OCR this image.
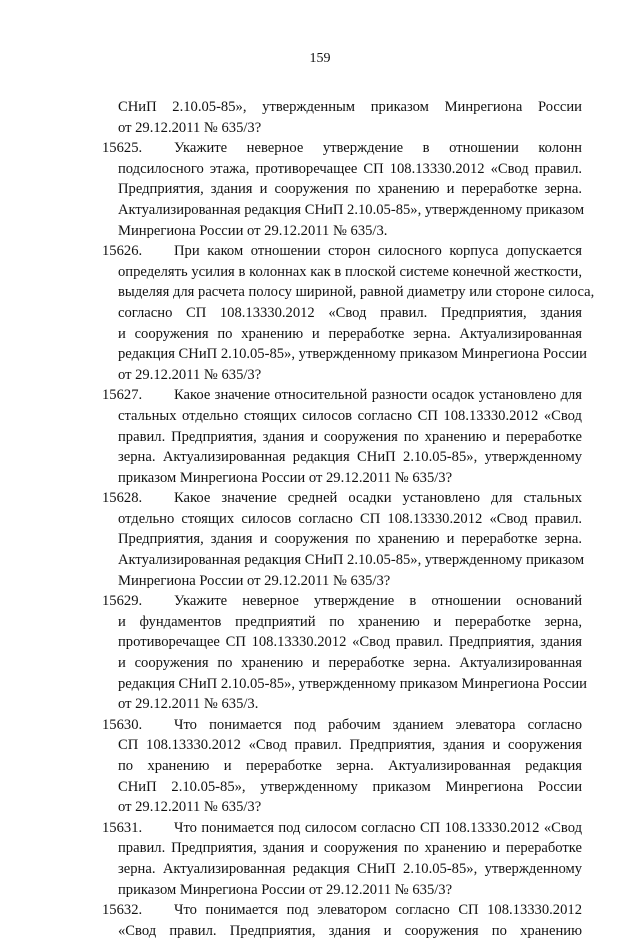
159
СНиП 2.10.05-85», утвержденным приказом Минрегиона России
от 29.12.2011 № 635/3?
15625.	Укажите неверное утверждение в отношении колонн
подсилосного этажа, противоречащее СП 108.13330.2012 «Свод правил.
Предприятия, здания и сооружения по хранению и переработке зерна.
Актуализированная редакция СНиП 2.10.05-85», утвержденному приказом
Минрегиона России от 29.12.2011 № 635/3.
15626.	При каком отношении сторон силосного корпуса допускается
определять усилия в колоннах как в плоской системе конечной жесткости,
выделяя для расчета полосу шириной, равной диаметру или стороне силоса,
согласно СП 108.13330.2012 «Свод правил. Предприятия, здания
и сооружения по хранению и переработке зерна. Актуализированная
редакция СНиП 2.10.05-85», утвержденному приказом Минрегиона России
от 29.12.2011 № 635/3?
15627.	Какое значение относительной разности осадок установлено для
стальных отдельно стоящих силосов согласно СП 108.13330.2012 «Свод
правил. Предприятия, здания и сооружения по хранению и переработке
зерна. Актуализированная редакция СНиП 2.10.05-85», утвержденному
приказом Минрегиона России от 29.12.2011 № 635/3?
15628.	Какое значение средней осадки установлено для стальных
отдельно стоящих силосов согласно СП 108.13330.2012 «Свод правил.
Предприятия, здания и сооружения по хранению и переработке зерна.
Актуализированная редакция СНиП 2.10.05-85», утвержденному приказом
Минрегиона России от 29.12.2011 № 635/3?
15629.	Укажите неверное утверждение в отношении оснований
и фундаментов предприятий по хранению и переработке зерна,
противоречащее СП 108.13330.2012 «Свод правил. Предприятия, здания
и сооружения по хранению и переработке зерна. Актуализированная
редакция СНиП 2.10.05-85», утвержденному приказом Минрегиона России
от 29.12.2011 № 635/3.
15630.	Что понимается под рабочим зданием элеватора согласно
СП 108.13330.2012 «Свод правил. Предприятия, здания и сооружения
по хранению и переработке зерна. Актуализированная редакция
СНиП 2.10.05-85», утвержденному приказом Минрегиона России
от 29.12.2011 № 635/3?
15631.	Что понимается под силосом согласно СП 108.13330.2012 «Свод
правил. Предприятия, здания и сооружения по хранению и переработке
зерна. Актуализированная редакция СНиП 2.10.05-85», утвержденному
приказом Минрегиона России от 29.12.2011 № 635/3?
15632.	Что понимается под элеватором согласно СП 108.13330.2012
«Свод правил. Предприятия, здания и сооружения по хранению
